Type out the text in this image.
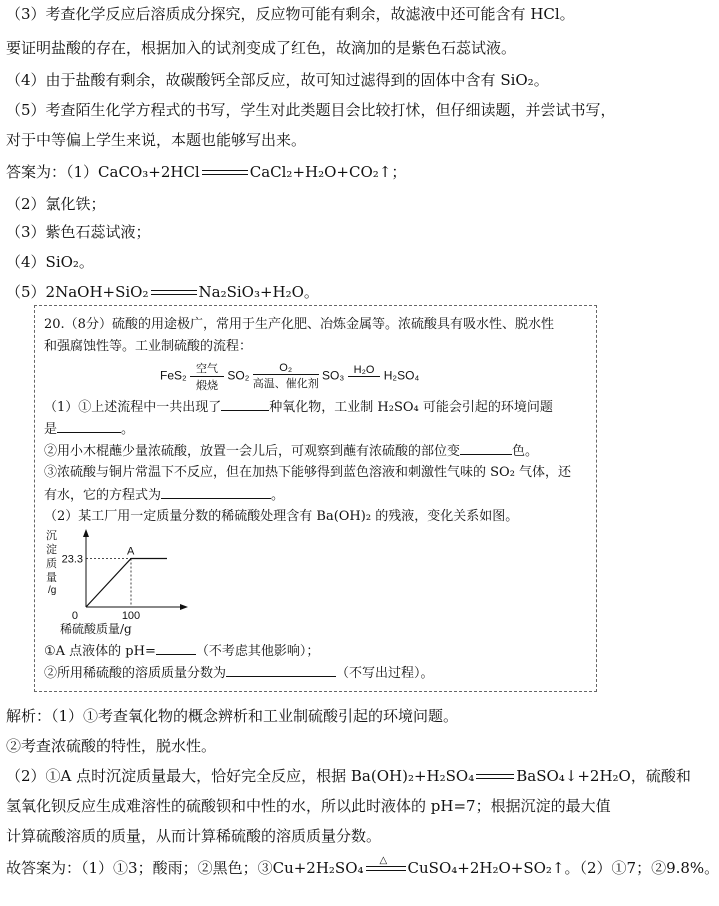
（3）考查化学反应后溶质成分探究，反应物可能有剩余，故滤液中还可能含有 HCl。
要证明盐酸的存在，根据加入的试剂变成了红色，故滴加的是紫色石蕊试液。
（4）由于盐酸有剩余，故碳酸钙全部反应，故可知过滤得到的固体中含有 SiO₂。
（5）考查陌生化学方程式的书写，学生对此类题目会比较打怵，但仔细读题，并尝试书写，
对于中等偏上学生来说，本题也能够写出来。
答案为：（1）CaCO₃+2HCl	CaCl₂+H₂O+CO₂↑；
（2）氯化铁；
（3）紫色石蕊试液；
（4）SiO₂。
（5）2NaOH+SiO₂	Na₂SiO₃+H₂O。
20.（8分）硫酸的用途极广，常用于生产化肥、冶炼金属等。浓硫酸具有吸水性、脱水性
和强腐蚀性等。工业制硫酸的流程：
FeS₂ 空气
煅烧
SO₂
O₂
高温、催化剂
SO₃ H₂O
H₂SO₄
（1）①上述流程中一共出现了	种氧化物，工业制 H₂SO₄ 可能会引起的环境问题
是	。
②用小木棍蘸少量浓硫酸，放置一会儿后，可观察到蘸有浓硫酸的部位变	色。
③浓硫酸与铜片常温下不反应，但在加热下能够得到蓝色溶液和刺激性气味的 SO₂ 气体，还
有水，它的方程式为	。
（2）某工厂用一定质量分数的稀硫酸处理含有 Ba(OH)₂ 的残液，变化关系如图。
沉
淀
质
量
/g
A
23.3
100
0
稀硫酸质量/g
①A 点液体的 pH=	（不考虑其他影响）；
②所用稀硫酸的溶质质量分数为	（不写出过程）。
解析：（1）①考查氧化物的概念辨析和工业制硫酸引起的环境问题。
②考查浓硫酸的特性，脱水性。
（2）①A 点时沉淀质量最大，恰好完全反应，根据 Ba(OH)₂+H₂SO₄	BaSO₄↓+2H₂O，硫酸和
氢氧化钡反应生成难溶性的硫酸钡和中性的水，所以此时液体的 pH=7；根据沉淀的最大值
计算硫酸溶质的质量，从而计算稀硫酸的溶质质量分数。
故答案为：（1）①3；酸雨；②黑色；③Cu+2H₂SO₄ △ CuSO₄+2H₂O+SO₂↑。（2）①7；②9.8%。
